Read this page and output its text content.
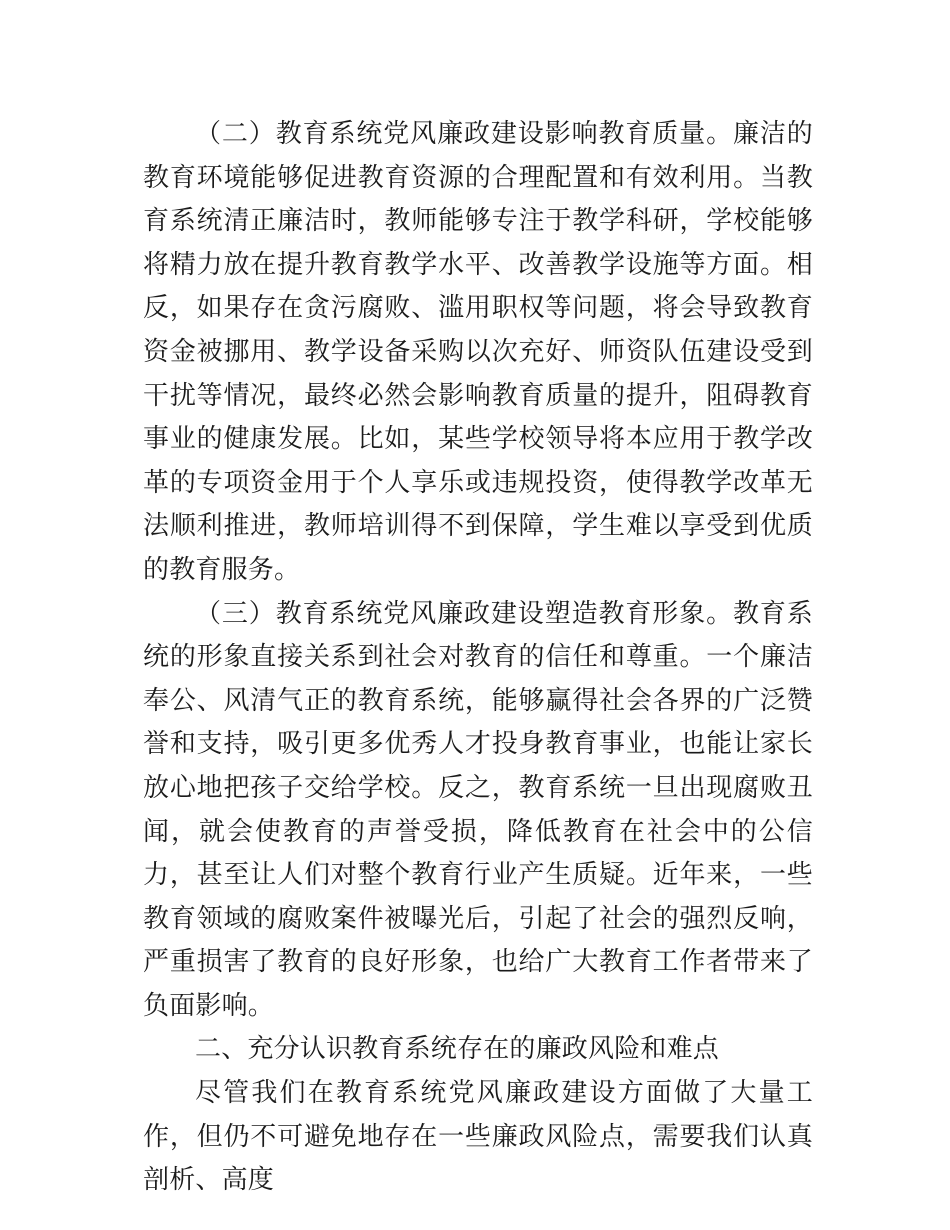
（二）教育系统党风廉政建设影响教育质量。廉洁的教育环境能够促进教育资源的合理配置和有效利用。当教育系统清正廉洁时，教师能够专注于教学科研，学校能够将精力放在提升教育教学水平、改善教学设施等方面。相反，如果存在贪污腐败、滥用职权等问题，将会导致教育资金被挪用、教学设备采购以次充好、师资队伍建设受到干扰等情况，最终必然会影响教育质量的提升，阻碍教育事业的健康发展。比如，某些学校领导将本应用于教学改革的专项资金用于个人享乐或违规投资，使得教学改革无法顺利推进，教师培训得不到保障，学生难以享受到优质的教育服务。

（三）教育系统党风廉政建设塑造教育形象。教育系统的形象直接关系到社会对教育的信任和尊重。一个廉洁奉公、风清气正的教育系统，能够赢得社会各界的广泛赞誉和支持，吸引更多优秀人才投身教育事业，也能让家长放心地把孩子交给学校。反之，教育系统一旦出现腐败丑闻，就会使教育的声誉受损，降低教育在社会中的公信力，甚至让人们对整个教育行业产生质疑。近年来，一些教育领域的腐败案件被曝光后，引起了社会的强烈反响，严重损害了教育的良好形象，也给广大教育工作者带来了负面影响。

二、充分认识教育系统存在的廉政风险和难点

尽管我们在教育系统党风廉政建设方面做了大量工作，但仍不可避免地存在一些廉政风险点，需要我们认真剖析、高度
